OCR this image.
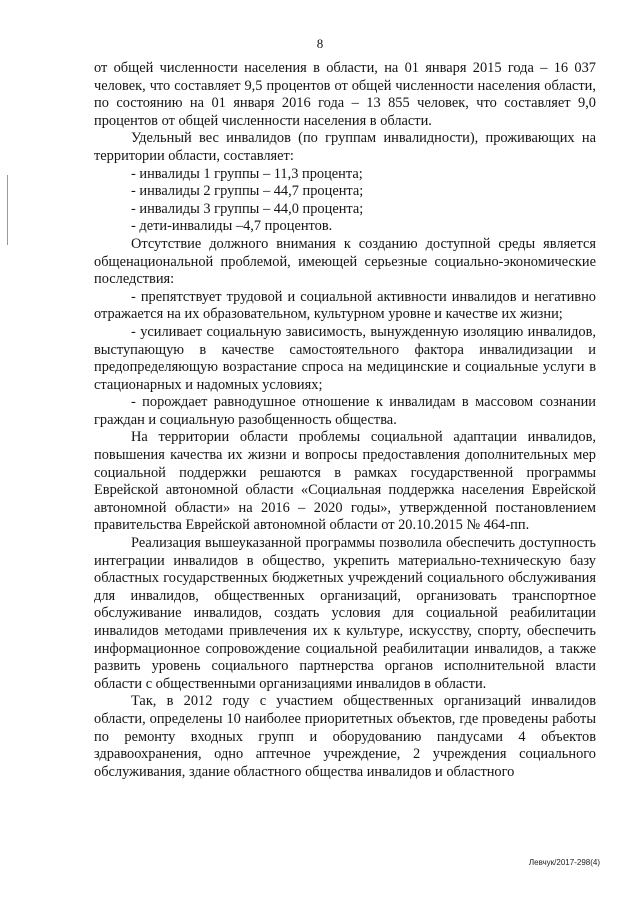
8

от общей численности населения в области, на 01 января 2015 года – 16 037 человек, что составляет 9,5 процентов от общей численности населения области, по состоянию на 01 января 2016 года – 13 855 человек, что составляет 9,0 процентов от общей численности населения в области.

Удельный вес инвалидов (по группам инвалидности), проживающих на территории области, составляет:

- инвалиды 1 группы – 11,3 процента;

- инвалиды 2 группы – 44,7 процента;

- инвалиды 3 группы – 44,0 процента;

- дети-инвалиды –4,7 процентов.

Отсутствие должного внимания к созданию доступной среды является общенациональной проблемой, имеющей серьезные социально-экономические последствия:

- препятствует трудовой и социальной активности инвалидов и негативно отражается на их образовательном, культурном уровне и качестве их жизни;

- усиливает социальную зависимость, вынужденную изоляцию инвалидов, выступающую в качестве самостоятельного фактора инвалидизации и предопределяющую возрастание спроса на медицинские и социальные услуги в стационарных и надомных условиях;

- порождает равнодушное отношение к инвалидам в массовом сознании граждан и социальную разобщенность общества.

На территории области проблемы социальной адаптации инвалидов, повышения качества их жизни и вопросы предоставления дополнительных мер социальной поддержки решаются в рамках государственной программы Еврейской автономной области «Социальная поддержка населения Еврейской автономной области» на 2016 – 2020 годы», утвержденной постановлением правительства Еврейской автономной области от 20.10.2015 № 464-пп.

Реализация вышеуказанной программы позволила обеспечить доступность интеграции инвалидов в общество, укрепить материально-техническую базу областных государственных бюджетных учреждений социального обслуживания для инвалидов, общественных организаций, организовать транспортное обслуживание инвалидов, создать условия для социальной реабилитации инвалидов методами привлечения их к культуре, искусству, спорту, обеспечить информационное сопровождение социальной реабилитации инвалидов, а также развить уровень социального партнерства органов исполнительной власти области с общественными организациями инвалидов в области.

Так, в 2012 году с участием общественных организаций инвалидов области, определены 10 наиболее приоритетных объектов, где проведены работы по ремонту входных групп и оборудованию пандусами 4 объектов здравоохранения, одно аптечное учреждение, 2 учреждения социального обслуживания, здание областного общества инвалидов и областного

Левчук/2017-298(4)
